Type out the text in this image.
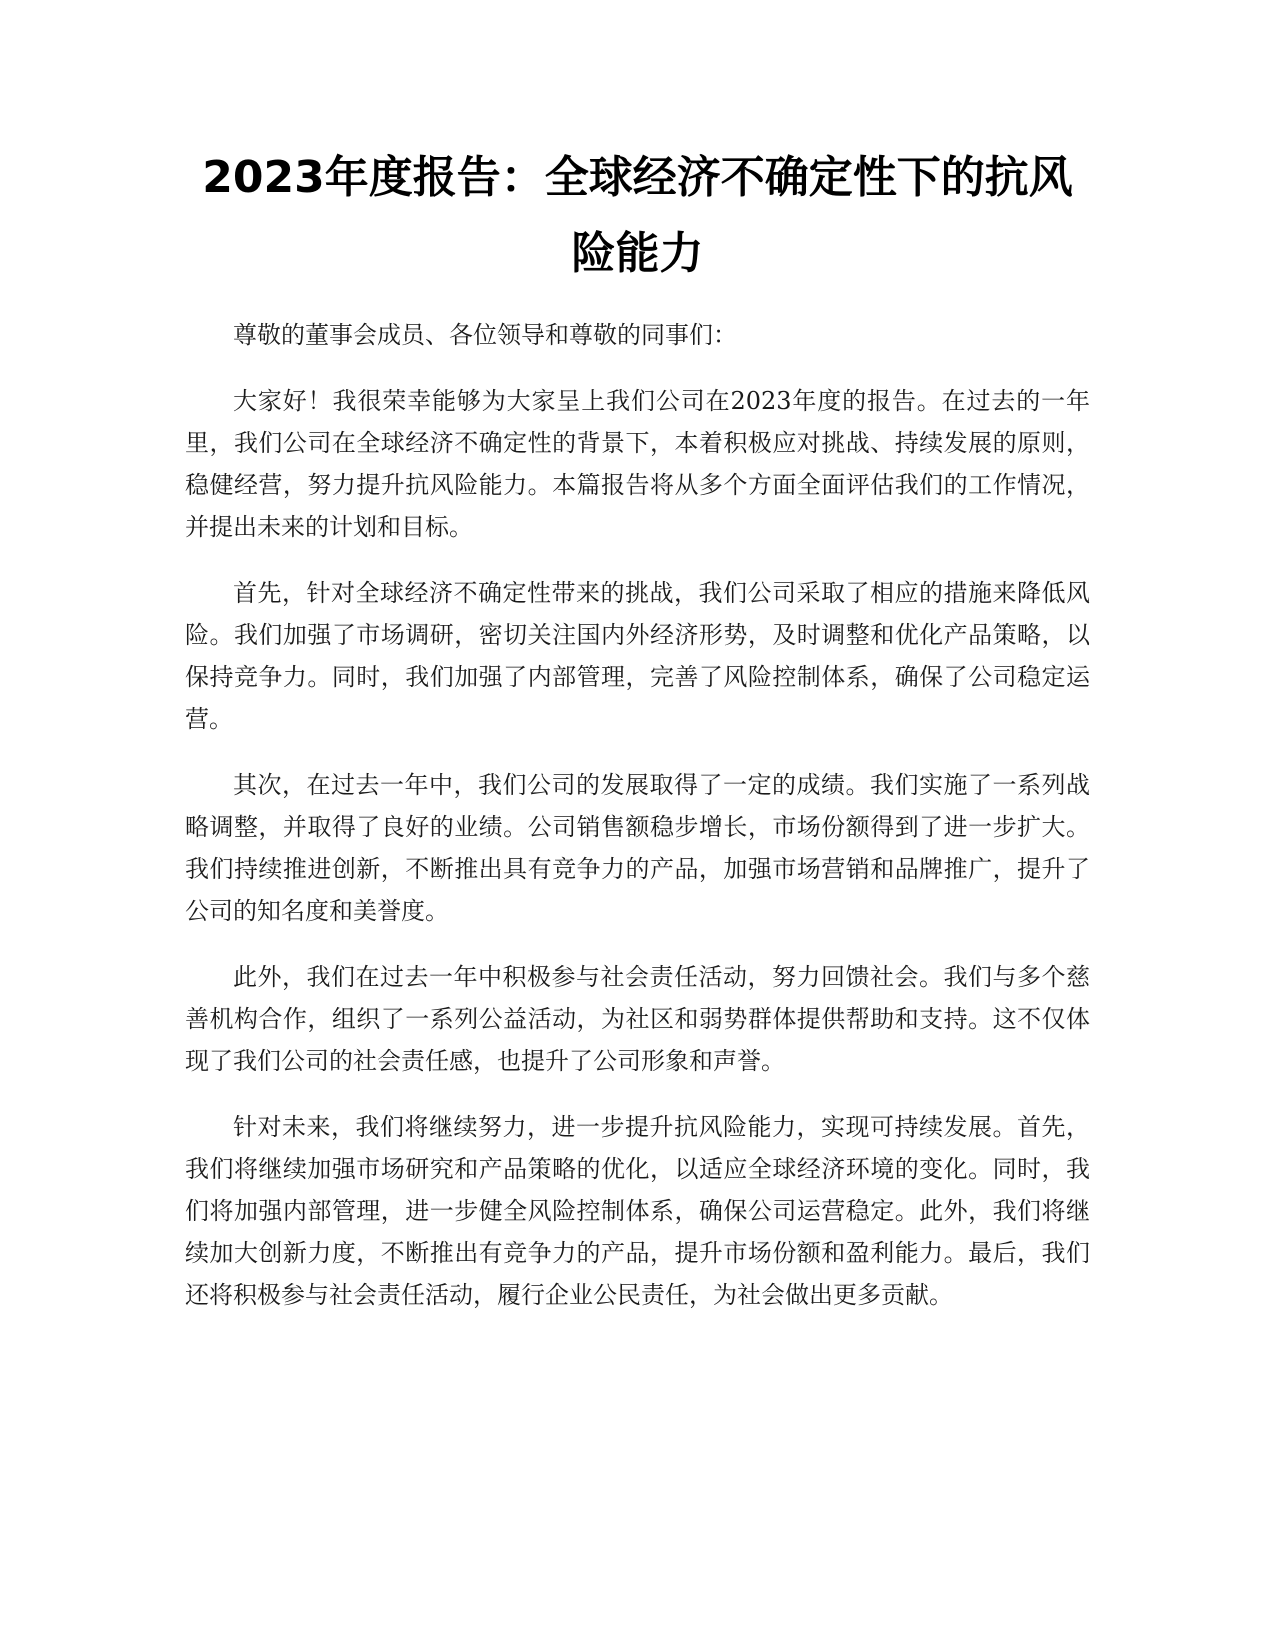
2023年度报告：全球经济不确定性下的抗风险能力

尊敬的董事会成员、各位领导和尊敬的同事们：

大家好！我很荣幸能够为大家呈上我们公司在2023年度的报告。在过去的一年里，我们公司在全球经济不确定性的背景下，本着积极应对挑战、持续发展的原则，稳健经营，努力提升抗风险能力。本篇报告将从多个方面全面评估我们的工作情况，并提出未来的计划和目标。

首先，针对全球经济不确定性带来的挑战，我们公司采取了相应的措施来降低风险。我们加强了市场调研，密切关注国内外经济形势，及时调整和优化产品策略，以保持竞争力。同时，我们加强了内部管理，完善了风险控制体系，确保了公司稳定运营。

其次，在过去一年中，我们公司的发展取得了一定的成绩。我们实施了一系列战略调整，并取得了良好的业绩。公司销售额稳步增长，市场份额得到了进一步扩大。我们持续推进创新，不断推出具有竞争力的产品，加强市场营销和品牌推广，提升了公司的知名度和美誉度。

此外，我们在过去一年中积极参与社会责任活动，努力回馈社会。我们与多个慈善机构合作，组织了一系列公益活动，为社区和弱势群体提供帮助和支持。这不仅体现了我们公司的社会责任感，也提升了公司形象和声誉。

针对未来，我们将继续努力，进一步提升抗风险能力，实现可持续发展。首先，我们将继续加强市场研究和产品策略的优化，以适应全球经济环境的变化。同时，我们将加强内部管理，进一步健全风险控制体系，确保公司运营稳定。此外，我们将继续加大创新力度，不断推出有竞争力的产品，提升市场份额和盈利能力。最后，我们还将积极参与社会责任活动，履行企业公民责任，为社会做出更多贡献。
